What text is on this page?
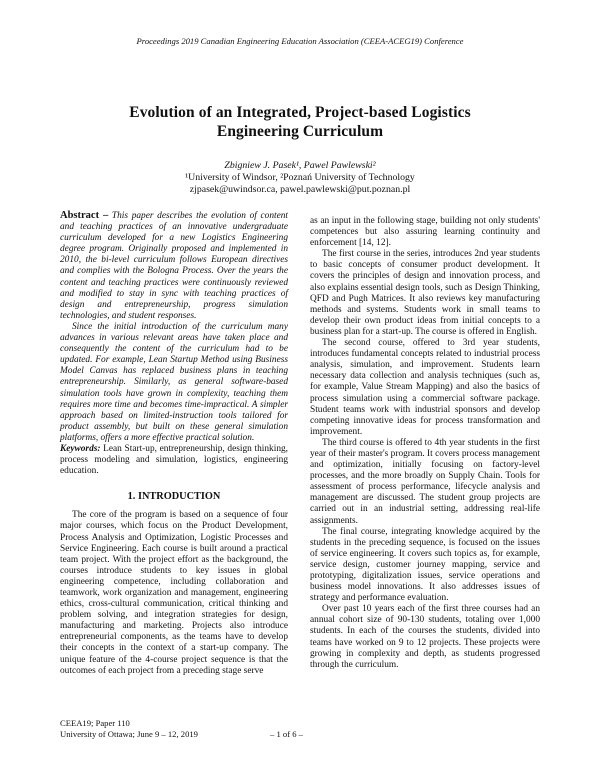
Proceedings 2019 Canadian Engineering Education Association (CEEA-ACEG19) Conference
Evolution of an Integrated, Project-based Logistics
Engineering Curriculum
Zbigniew J. Pasek¹, Pawel Pawlewski²
¹University of Windsor, ²Poznań University of Technology
zjpasek@uwindsor.ca, pawel.pawlewski@put.poznan.pl

Abstract – This paper describes the evolution of content and teaching practices of an innovative undergraduate curriculum developed for a new Logistics Engineering degree program. Originally proposed and implemented in 2010, the bi-level curriculum follows European directives and complies with the Bologna Process. Over the years the content and teaching practices were continuously reviewed and modified to stay in sync with teaching practices of design and entrepreneurship, progress simulation technologies, and student responses.

Since the initial introduction of the curriculum many advances in various relevant areas have taken place and consequently the content of the curriculum had to be updated. For example, Lean Startup Method using Business Model Canvas has replaced business plans in teaching entrepreneurship. Similarly, as general software-based simulation tools have grown in complexity, teaching them requires more time and becomes time-impractical. A simpler approach based on limited-instruction tools tailored for product assembly, but built on these general simulation platforms, offers a more effective practical solution.

Keywords: Lean Start-up, entrepreneurship, design thinking, process modeling and simulation, logistics, engineering education.

1. INTRODUCTION

The core of the program is based on a sequence of four major courses, which focus on the Product Development, Process Analysis and Optimization, Logistic Processes and Service Engineering. Each course is built around a practical team project. With the project effort as the background, the courses introduce students to key issues in global engineering competence, including collaboration and teamwork, work organization and management, engineering ethics, cross-cultural communication, critical thinking and problem solving, and integration strategies for design, manufacturing and marketing. Projects also introduce entrepreneurial components, as the teams have to develop their concepts in the context of a start-up company. The unique feature of the 4-course project sequence is that the outcomes of each project from a preceding stage serve

as an input in the following stage, building not only students' competences but also assuring learning continuity and enforcement [14, 12].

The first course in the series, introduces 2nd year students to basic concepts of consumer product development. It covers the principles of design and innovation process, and also explains essential design tools, such as Design Thinking, QFD and Pugh Matrices. It also reviews key manufacturing methods and systems. Students work in small teams to develop their own product ideas from initial concepts to a business plan for a start-up. The course is offered in English.

The second course, offered to 3rd year students, introduces fundamental concepts related to industrial process analysis, simulation, and improvement. Students learn necessary data collection and analysis techniques (such as, for example, Value Stream Mapping) and also the basics of process simulation using a commercial software package. Student teams work with industrial sponsors and develop competing innovative ideas for process transformation and improvement.

The third course is offered to 4th year students in the first year of their master's program. It covers process management and optimization, initially focusing on factory-level processes, and the more broadly on Supply Chain. Tools for assessment of process performance, lifecycle analysis and management are discussed. The student group projects are carried out in an industrial setting, addressing real-life assignments.

The final course, integrating knowledge acquired by the students in the preceding sequence, is focused on the issues of service engineering. It covers such topics as, for example, service design, customer journey mapping, service and prototyping, digitalization issues, service operations and business model innovations. It also addresses issues of strategy and performance evaluation.

Over past 10 years each of the first three courses had an annual cohort size of 90-130 students, totaling over 1,000 students. In each of the courses the students, divided into teams have worked on 9 to 12 projects. These projects were growing in complexity and depth, as students progressed through the curriculum.

CEEA19; Paper 110
University of Ottawa; June 9 – 12, 2019	– 1 of 6 –
